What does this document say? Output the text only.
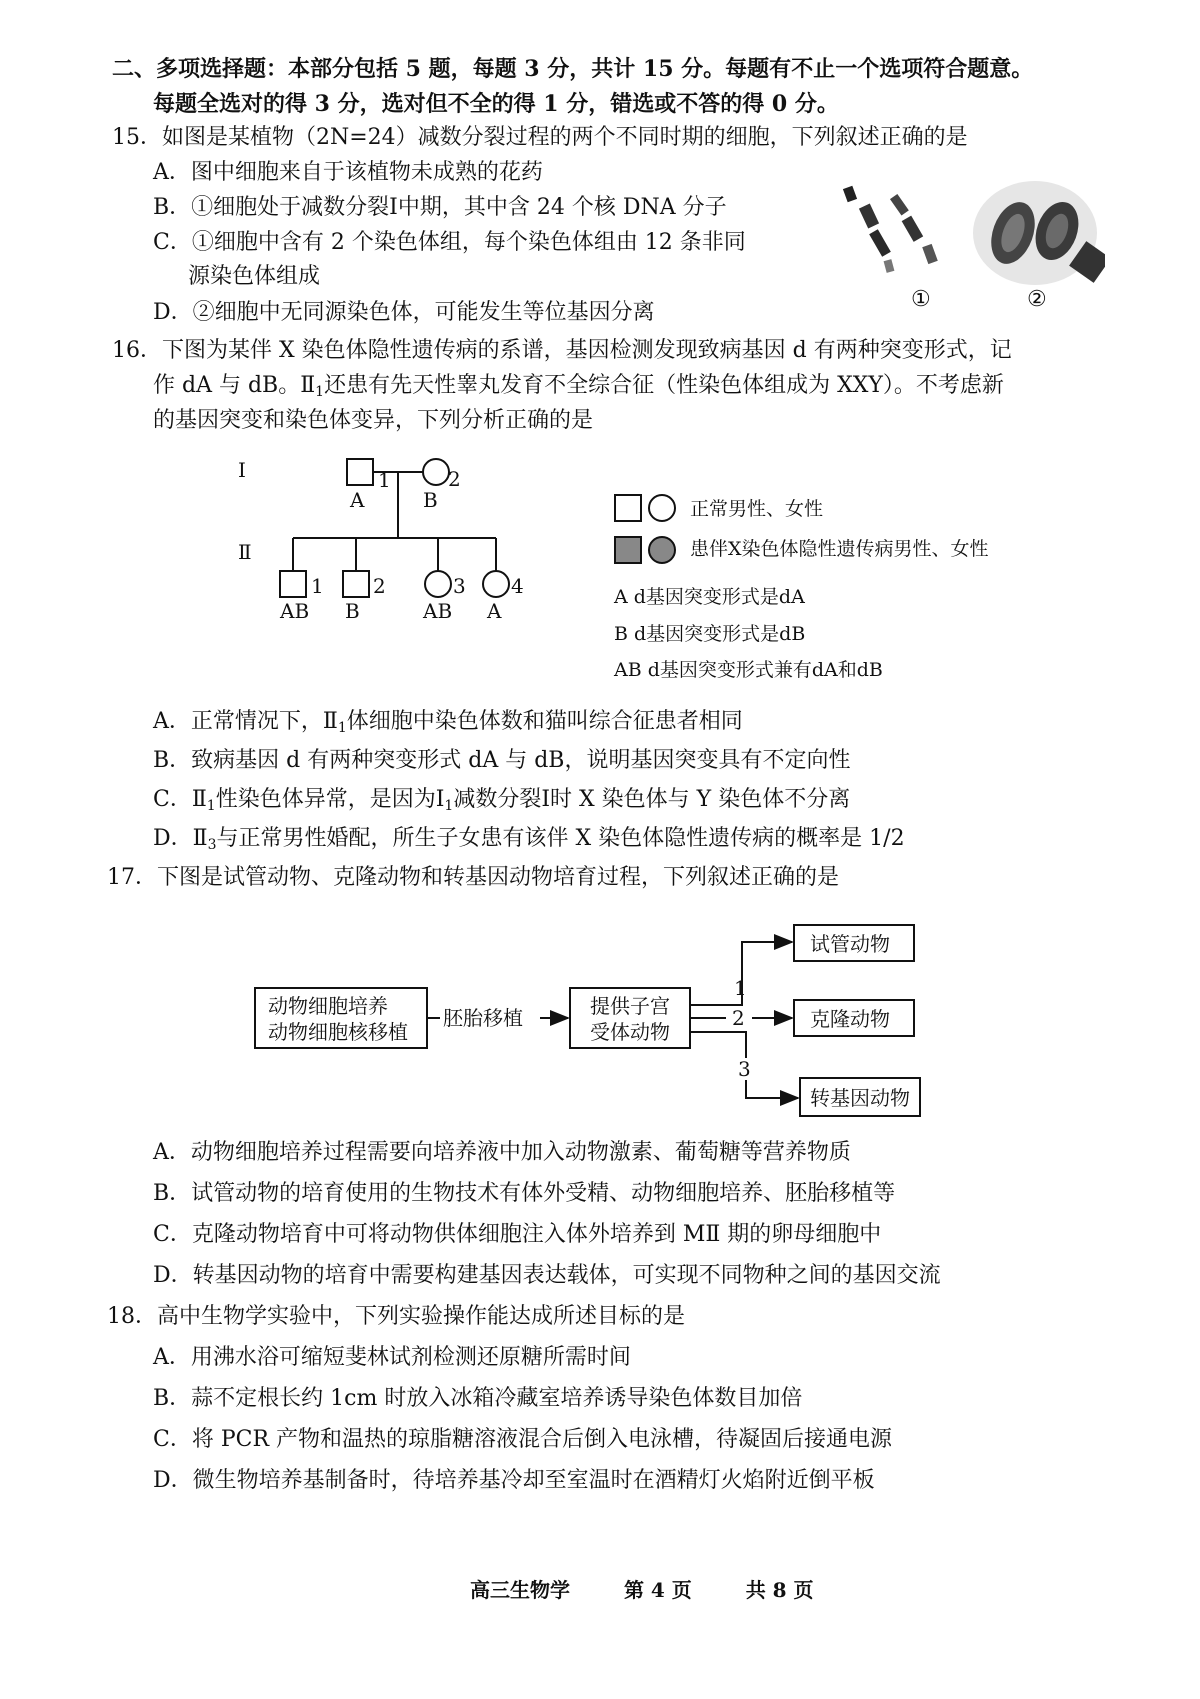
二、多项选择题：本部分包括 5 题，每题 3 分，共计 15 分。每题有不止一个选项符合题意。
每题全选对的得 3 分，选对但不全的得 1 分，错选或不答的得 0 分。
15．如图是某植物（2N=24）减数分裂过程的两个不同时期的细胞，下列叙述正确的是
A．图中细胞来自于该植物未成熟的花药
B．①细胞处于减数分裂Ⅰ中期，其中含 24 个核 DNA 分子
C．①细胞中含有 2 个染色体组，每个染色体组由 12 条非同
源染色体组成
D．②细胞中无同源染色体，可能发生等位基因分离
①	②
16．下图为某伴 X 染色体隐性遗传病的系谱，基因检测发现致病基因 d 有两种突变形式，记
作 dA 与 dB。$Ⅱ_1$还患有先天性睾丸发育不全综合征（性染色体组成为 XXY）。不考虑新
的基因突变和染色体变异，下列分析正确的是
Ⅰ
Ⅱ
A
1
B
2
1
AB
2
B
3
AB
4
A
正常男性、女性
患伴X染色体隐性遗传病男性、女性
A d基因突变形式是dA
B d基因突变形式是dB
AB d基因突变形式兼有dA和dB
A．正常情况下，$Ⅱ_1$体细胞中染色体数和猫叫综合征患者相同
B．致病基因 d 有两种突变形式 dA 与 dB，说明基因突变具有不定向性
C．$Ⅱ_1$性染色体异常，是因为$Ⅰ_1$减数分裂Ⅰ时 X 染色体与 Y 染色体不分离
D．$Ⅱ_3$与正常男性婚配，所生子女患有该伴 X 染色体隐性遗传病的概率是 1/2
17．下图是试管动物、克隆动物和转基因动物培育过程，下列叙述正确的是
动物细胞培养
动物细胞核移植
胚胎移植	提供子宫
受体动物
1
2
3
试管动物
克隆动物
转基因动物
A．动物细胞培养过程需要向培养液中加入动物激素、葡萄糖等营养物质
B．试管动物的培育使用的生物技术有体外受精、动物细胞培养、胚胎移植等
C．克隆动物培育中可将动物供体细胞注入体外培养到 MⅡ 期的卵母细胞中
D．转基因动物的培育中需要构建基因表达载体，可实现不同物种之间的基因交流
18．高中生物学实验中，下列实验操作能达成所述目标的是
A．用沸水浴可缩短斐林试剂检测还原糖所需时间
B．蒜不定根长约 1cm 时放入冰箱冷藏室培养诱导染色体数目加倍
C．将 PCR 产物和温热的琼脂糖溶液混合后倒入电泳槽，待凝固后接通电源
D．微生物培养基制备时，待培养基冷却至室温时在酒精灯火焰附近倒平板
高三生物学	第 4 页	共 8 页
